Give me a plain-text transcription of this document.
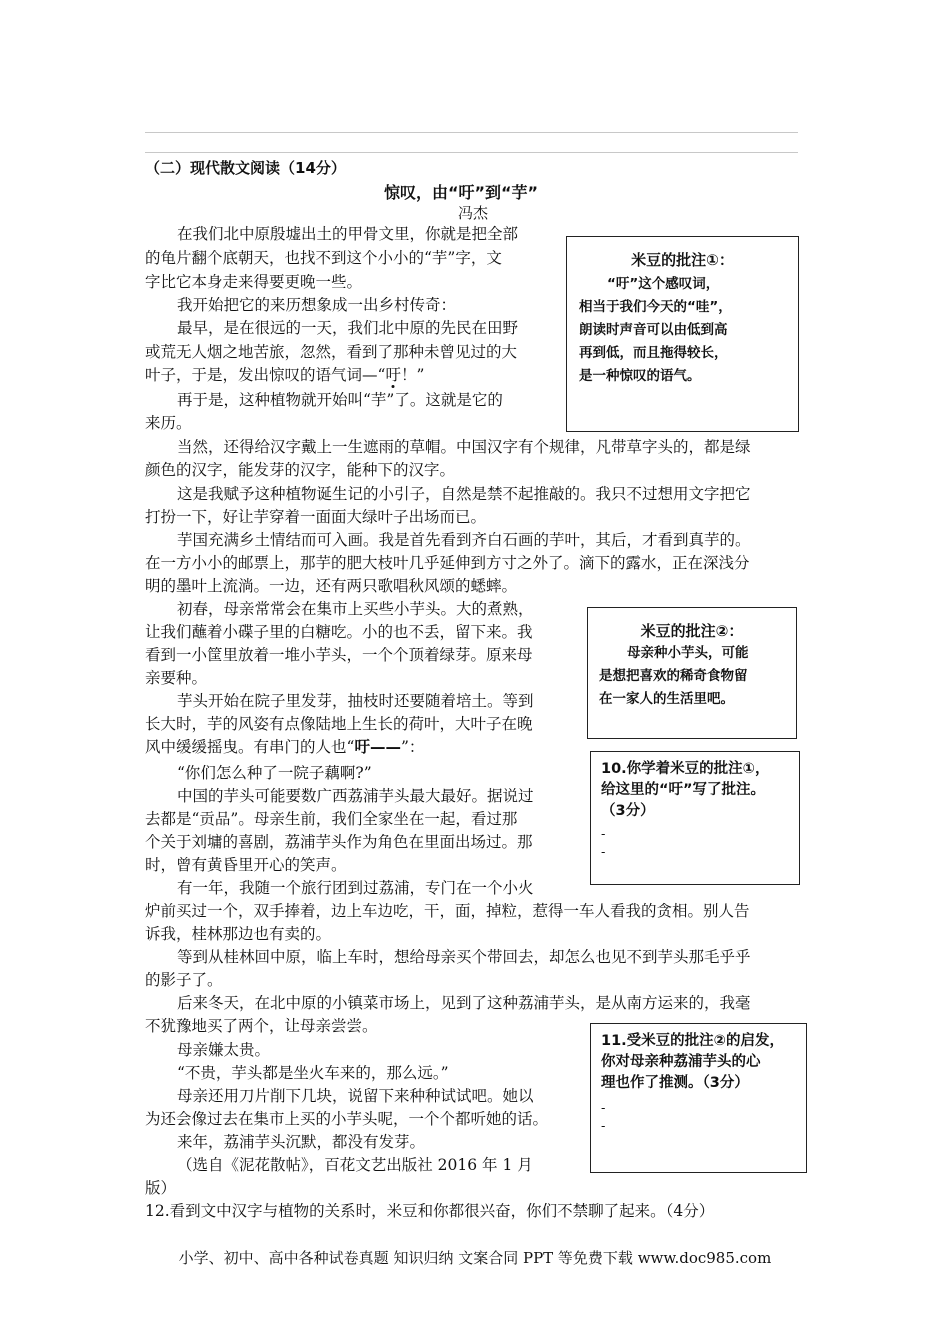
（二）现代散文阅读（14分）
惊叹，由“吁”到“芋”
冯杰
在我们北中原殷墟出土的甲骨文里，你就是把全部
的龟片翻个底朝天，也找不到这个小小的“芋”字，文
字比它本身走来得要更晚一些。
我开始把它的来历想象成一出乡村传奇：
最早，是在很远的一天，我们北中原的先民在田野
或荒无人烟之地苦旅，忽然，看到了那种未曾见过的大
叶子，于是，发出惊叹的语气词—“吁！”
再于是，这种植物就开始叫“芋”了。这就是它的
来历。
当然，还得给汉字戴上一生遮雨的草帽。中国汉字有个规律，凡带草字头的，都是绿
颜色的汉字，能发芽的汉字，能种下的汉字。
这是我赋予这种植物诞生记的小引子，自然是禁不起推敲的。我只不过想用文字把它
打扮一下，好让芋穿着一面面大绿叶子出场而已。
芋国充满乡土情结而可入画。我是首先看到齐白石画的芋叶，其后，才看到真芋的。
在一方小小的邮票上，那芋的肥大枝叶几乎延伸到方寸之外了。滴下的露水，正在深浅分
明的墨叶上流淌。一边，还有两只歌唱秋风颂的蟋蟀。
初春，母亲常常会在集市上买些小芋头。大的煮熟，
让我们蘸着小碟子里的白糖吃。小的也不丢，留下来。我
看到一小筐里放着一堆小芋头，一个个顶着绿芽。原来母
亲要种。
芋头开始在院子里发芽，抽枝时还要随着培土。等到
长大时，芋的风姿有点像陆地上生长的荷叶，大叶子在晚
风中缓缓摇曳。有串门的人也“吁——”：
“你们怎么种了一院子藕啊?”
中国的芋头可能要数广西荔浦芋头最大最好。据说过
去都是“贡品”。母亲生前，我们全家坐在一起，看过那
个关于刘墉的喜剧，荔浦芋头作为角色在里面出场过。那
时，曾有黄昏里开心的笑声。
有一年，我随一个旅行团到过荔浦，专门在一个小火
炉前买过一个，双手捧着，边上车边吃，干，面，掉粒，惹得一车人看我的贪相。别人告
诉我，桂林那边也有卖的。
等到从桂林回中原，临上车时，想给母亲买个带回去，却怎么也见不到芋头那毛乎乎
的影子了。
后来冬天，在北中原的小镇菜市场上，见到了这种荔浦芋头，是从南方运来的，我毫
不犹豫地买了两个，让母亲尝尝。
母亲嫌太贵。
“不贵，芋头都是坐火车来的，那么远。”
母亲还用刀片削下几块，说留下来种种试试吧。她以
为还会像过去在集市上买的小芋头呢，一个个都听她的话。
来年，荔浦芋头沉默，都没有发芽。
（选自《泥花散帖》，百花文艺出版社 2016 年 1 月
版）
12.看到文中汉字与植物的关系时，米豆和你都很兴奋，你们不禁聊了起来。（4分）
米豆的批注①：
“吁”这个感叹词，
相当于我们今天的“哇”，
朗读时声音可以由低到高
再到低，而且拖得较长，
是一种惊叹的语气。
米豆的批注②：
母亲种小芋头，可能
是想把喜欢的稀奇食物留
在一家人的生活里吧。
10.你学着米豆的批注①，
给这里的“吁”写了批注。
（3分）
-
-
11.受米豆的批注②的启发，
你对母亲种荔浦芋头的心
理也作了推测。（3分）
-
-
小学、初中、高中各种试卷真题 知识归纳 文案合同 PPT 等免费下载 www.doc985.com
